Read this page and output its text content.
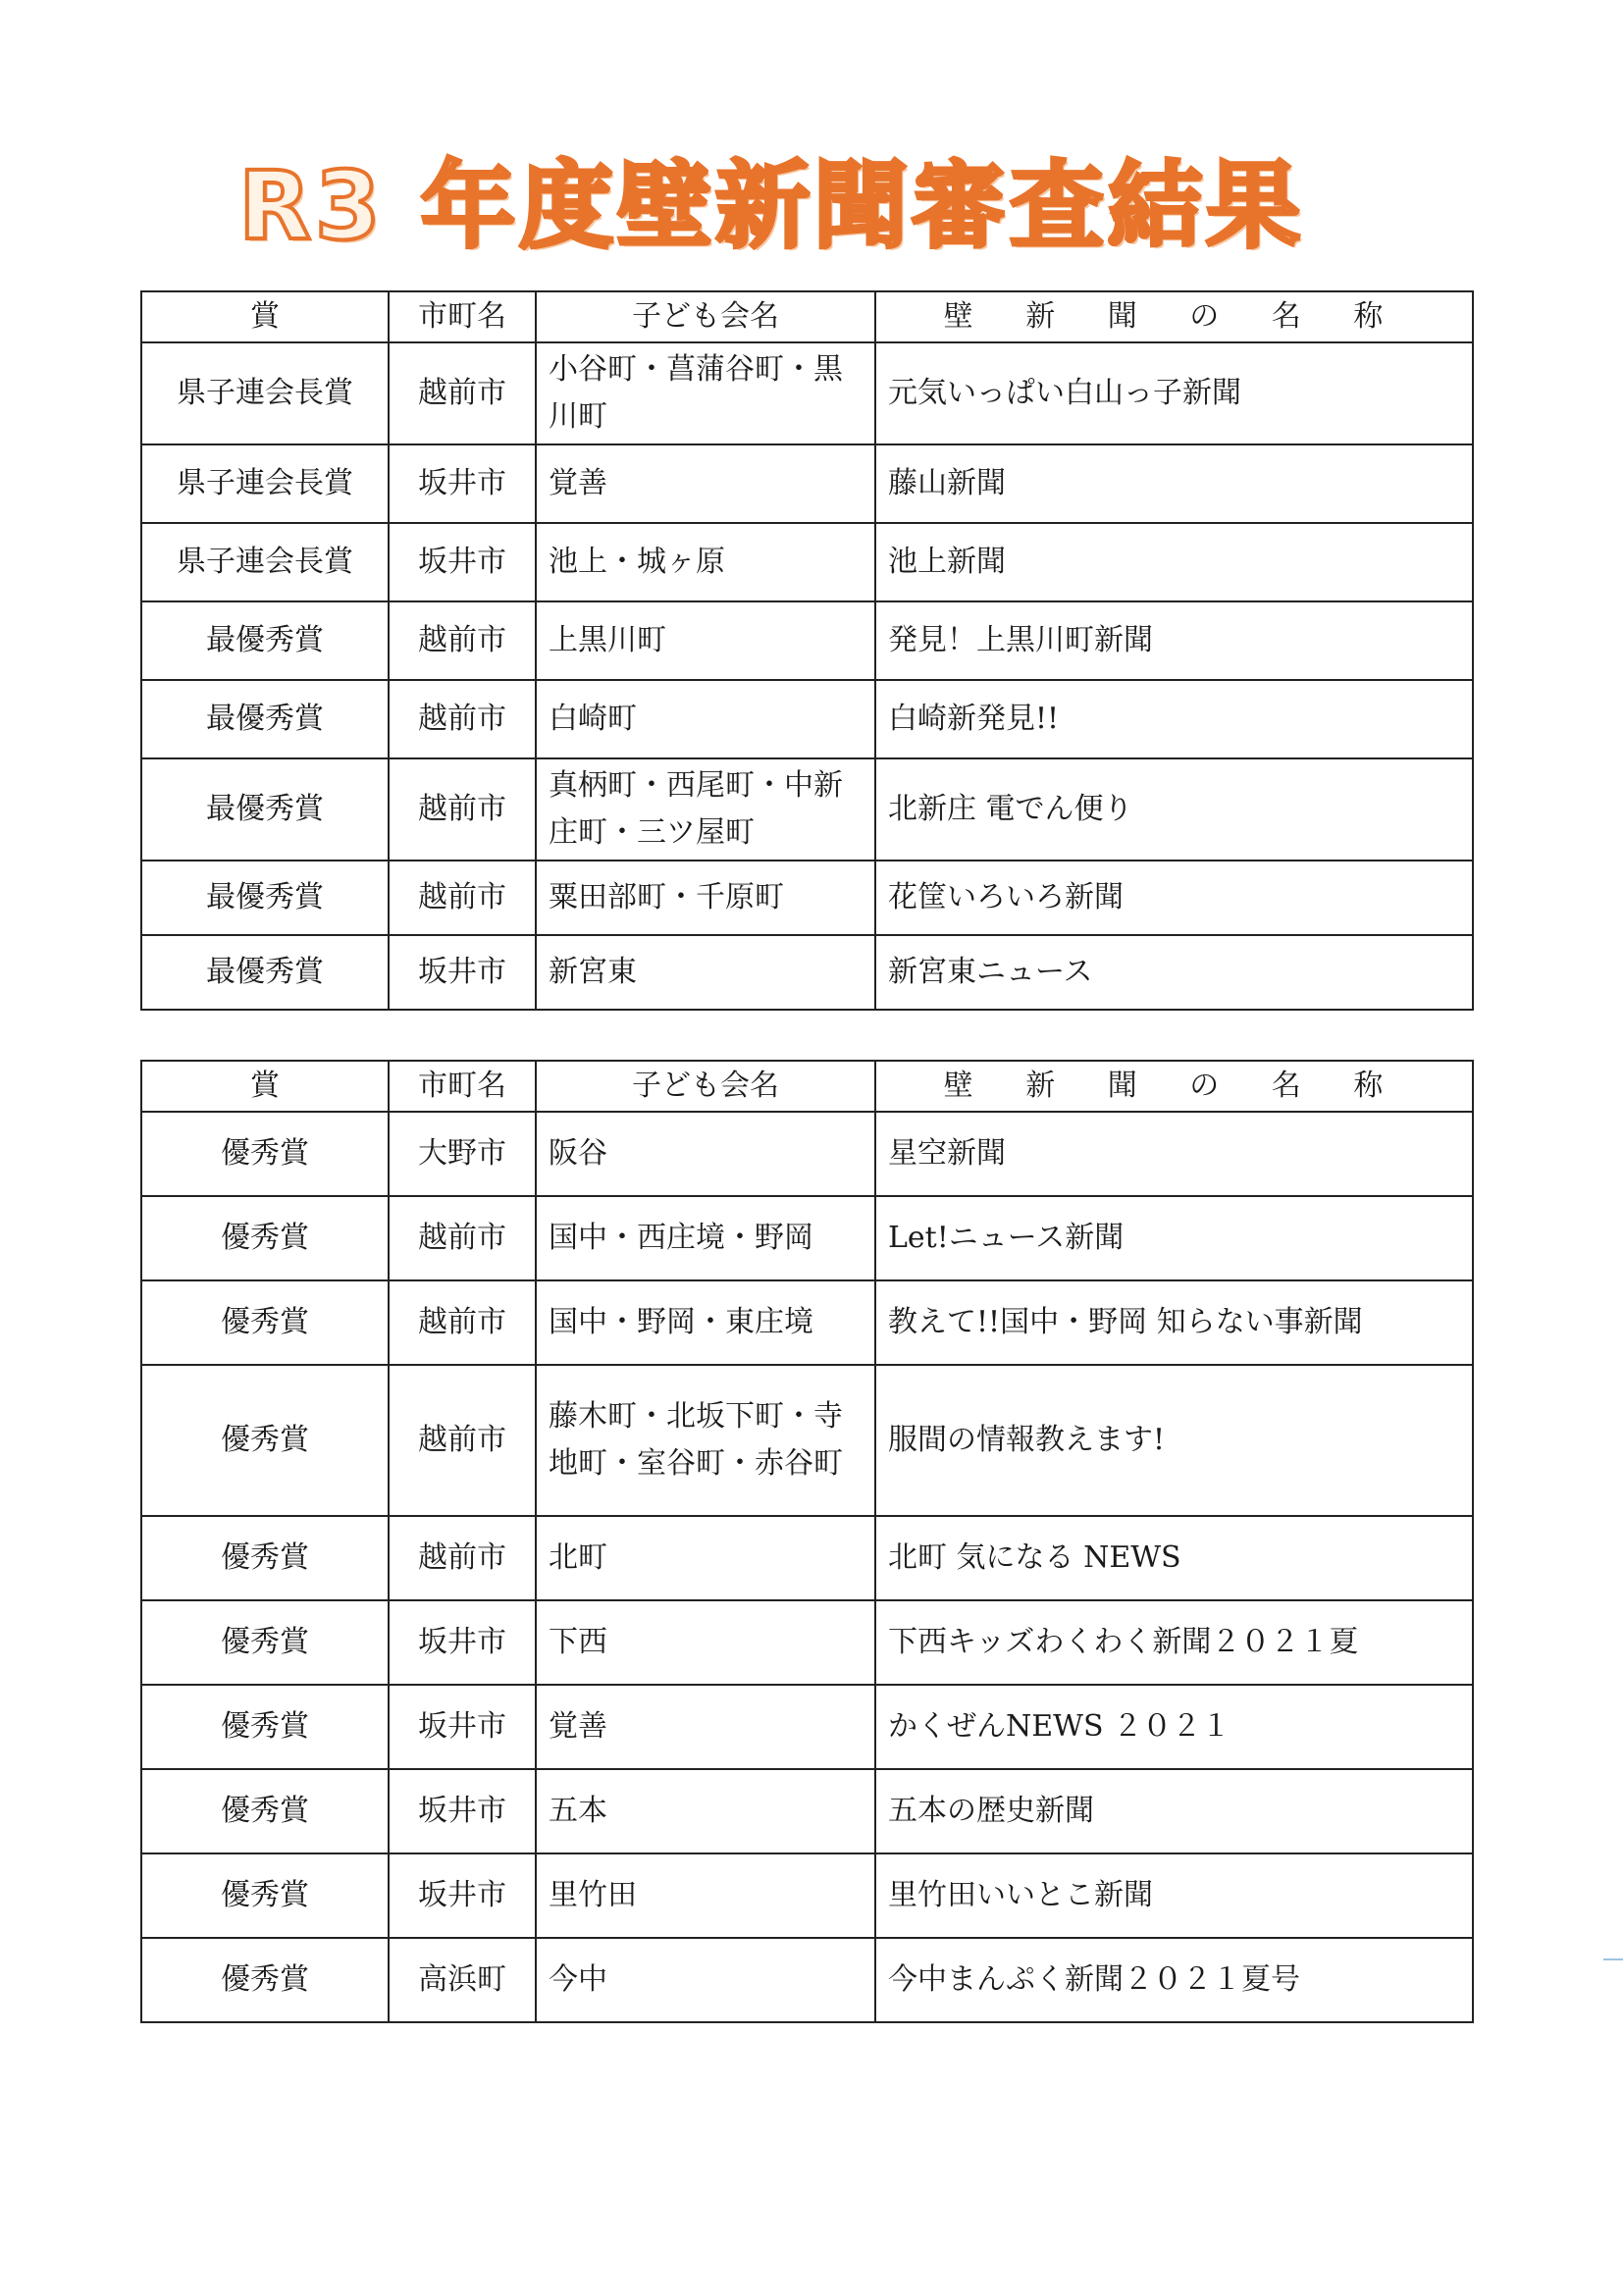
R3 年度壁新聞審査結果
賞	市町名	子ども会名	壁 新 聞 の 名 称
県子連会長賞	越前市	小谷町・菖蒲谷町・黒川町	元気いっぱい白山っ子新聞
県子連会長賞	坂井市	覚善	藤山新聞
県子連会長賞	坂井市	池上・城ヶ原	池上新聞
最優秀賞	越前市	上黒川町	発見！上黒川町新聞
最優秀賞	越前市	白崎町	白崎新発見!!
最優秀賞	越前市	真柄町・西尾町・中新庄町・三ツ屋町	北新庄 電でん便り
最優秀賞	越前市	粟田部町・千原町	花筐いろいろ新聞
最優秀賞	坂井市	新宮東	新宮東ニュース
賞	市町名	子ども会名	壁 新 聞 の 名 称
優秀賞	大野市	阪谷	星空新聞
優秀賞	越前市	国中・西庄境・野岡	Let!ニュース新聞
優秀賞	越前市	国中・野岡・東庄境	教えて!!国中・野岡 知らない事新聞
優秀賞	越前市	藤木町・北坂下町・寺地町・室谷町・赤谷町	服間の情報教えます!
優秀賞	越前市	北町	北町 気になる NEWS
優秀賞	坂井市	下西	下西キッズわくわく新聞２０２１夏
優秀賞	坂井市	覚善	かくぜんNEWS ２０２１
優秀賞	坂井市	五本	五本の歴史新聞
優秀賞	坂井市	里竹田	里竹田いいとこ新聞
優秀賞	高浜町	今中	今中まんぷく新聞２０２１夏号
